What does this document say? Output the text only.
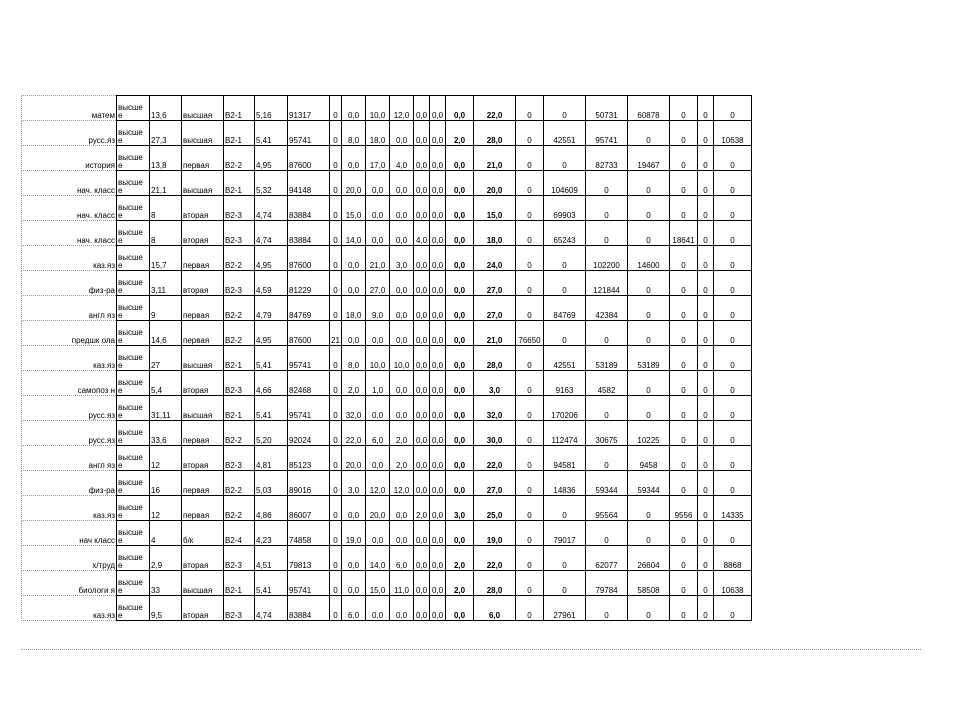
матем	высше е	13,6	высшая	B2-1	5,16	91317	0	0,0	10,0	12,0	0,0	0,0	0,0	22,0	0	0	50731	60878	0	0	0
русс.яз	высше е	27,3	высшая	B2-1	5,41	95741	0	8,0	18,0	0,0	0,0	0,0	2,0	28,0	0	42551	95741	0	0	0	10638
история	высше е	13,8	первая	B2-2	4,95	87600	0	0,0	17,0	4,0	0,0	0,0	0,0	21,0	0	0	82733	19467	0	0	0
нач. класс	высше е	21,1	высшая	B2-1	5,32	94148	0	20,0	0,0	0,0	0,0	0,0	0,0	20,0	0	104609	0	0	0	0	0
нач. класс	высше е	8	вторая	B2-3	4,74	83884	0	15,0	0,0	0,0	0,0	0,0	0,0	15,0	0	69903	0	0	0	0	0
нач. класс	высше е	8	вторая	B2-3	4,74	83884	0	14,0	0,0	0,0	4,0	0,0	0,0	18,0	0	65243	0	0	18641	0	0
каз.яз	высше е	15,7	первая	B2-2	4,95	87600	0	0,0	21,0	3,0	0,0	0,0	0,0	24,0	0	0	102200	14600	0	0	0
физ-ра	высше е	3,11	вторая	B2-3	4,59	81229	0	0,0	27,0	0,0	0,0	0,0	0,0	27,0	0	0	121844	0	0	0	0
англ яз	высше е	9	первая	B2-2	4,79	84769	0	18,0	9,0	0,0	0,0	0,0	0,0	27,0	0	84769	42384	0	0	0	0
предшк ола	высше е	14,6	первая	B2-2	4,95	87600	21	0,0	0,0	0,0	0,0	0,0	0,0	21,0	76650	0	0	0	0	0	0
каз.яз	высше е	27	высшая	B2-1	5,41	95741	0	8,0	10,0	10,0	0,0	0,0	0,0	28,0	0	42551	53189	53189	0	0	0
самопоз н	высше е	5,4	вторая	B2-3	4,66	82468	0	2,0	1,0	0,0	0,0	0,0	0,0	3,0	0	9163	4582	0	0	0	0
русс.яз	высше е	31,11	высшая	B2-1	5,41	95741	0	32,0	0,0	0,0	0,0	0,0	0,0	32,0	0	170206	0	0	0	0	0
русс.яз	высше е	33,6	первая	B2-2	5,20	92024	0	22,0	6,0	2,0	0,0	0,0	0,0	30,0	0	112474	30675	10225	0	0	0
англ яз	высше е	12	вторая	B2-3	4,81	85123	0	20,0	0,0	2,0	0,0	0,0	0,0	22,0	0	94581	0	9458	0	0	0
физ-ра	высше е	16	первая	B2-2	5,03	89016	0	3,0	12,0	12,0	0,0	0,0	0,0	27,0	0	14836	59344	59344	0	0	0
каз.яз	высше е	12	первая	B2-2	4,86	86007	0	0,0	20,0	0,0	2,0	0,0	3,0	25,0	0	0	95564	0	9556	0	14335
нач класс	высше е	4	б/к	B2-4	4,23	74858	0	19,0	0,0	0,0	0,0	0,0	0,0	19,0	0	79017	0	0	0	0	0
х/труд	высше е	2,9	вторая	B2-3	4,51	79813	0	0,0	14,0	6,0	0,0	0,0	2,0	22,0	0	0	62077	26604	0	0	8868
биологи я	высше е	33	высшая	B2-1	5,41	95741	0	0,0	15,0	11,0	0,0	0,0	2,0	28,0	0	0	79784	58508	0	0	10638
каз.яз	высше е	9,5	вторая	B2-3	4,74	83884	0	6,0	0,0	0,0	0,0	0,0	0,0	6,0	0	27961	0	0	0	0	0
